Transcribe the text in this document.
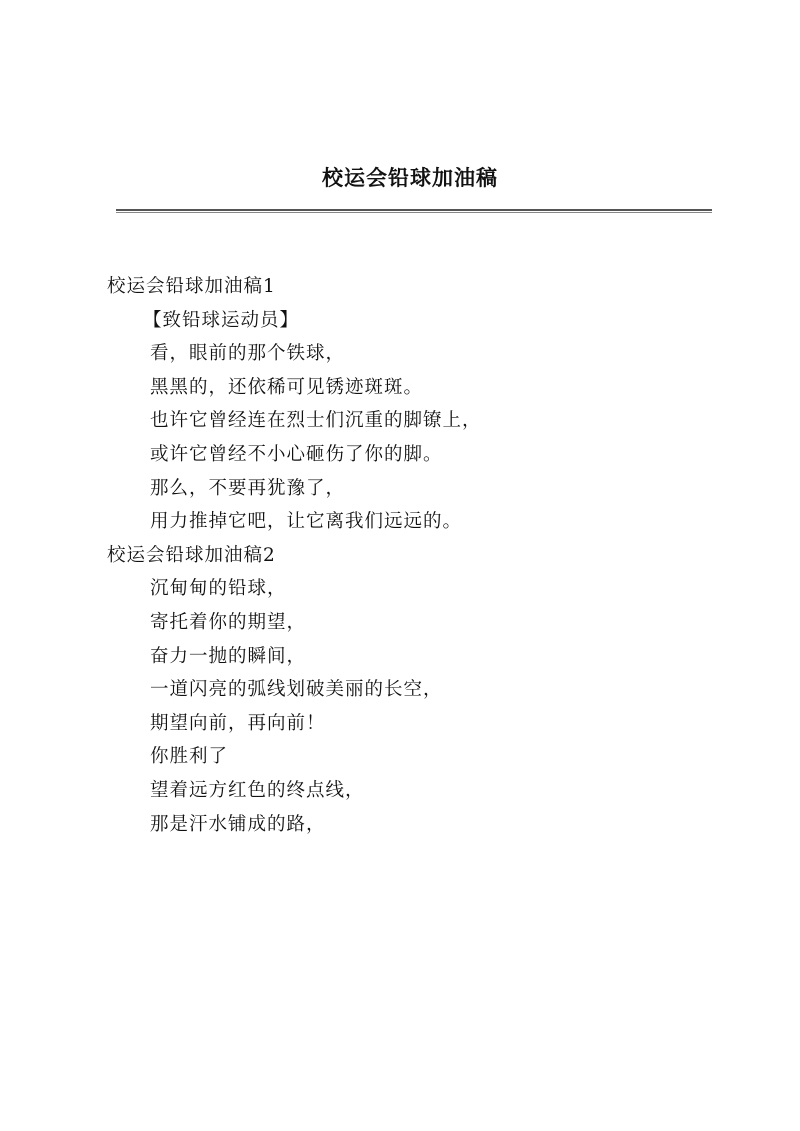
校运会铅球加油稿
校运会铅球加油稿1
【致铅球运动员】
看，眼前的那个铁球，
黑黑的，还依稀可见锈迹斑斑。
也许它曾经连在烈士们沉重的脚镣上，
或许它曾经不小心砸伤了你的脚。
那么，不要再犹豫了，
用力推掉它吧，让它离我们远远的。
校运会铅球加油稿2
沉甸甸的铅球，
寄托着你的期望，
奋力一抛的瞬间，
一道闪亮的弧线划破美丽的长空，
期望向前，再向前！
你胜利了
望着远方红色的终点线，
那是汗水铺成的路，
